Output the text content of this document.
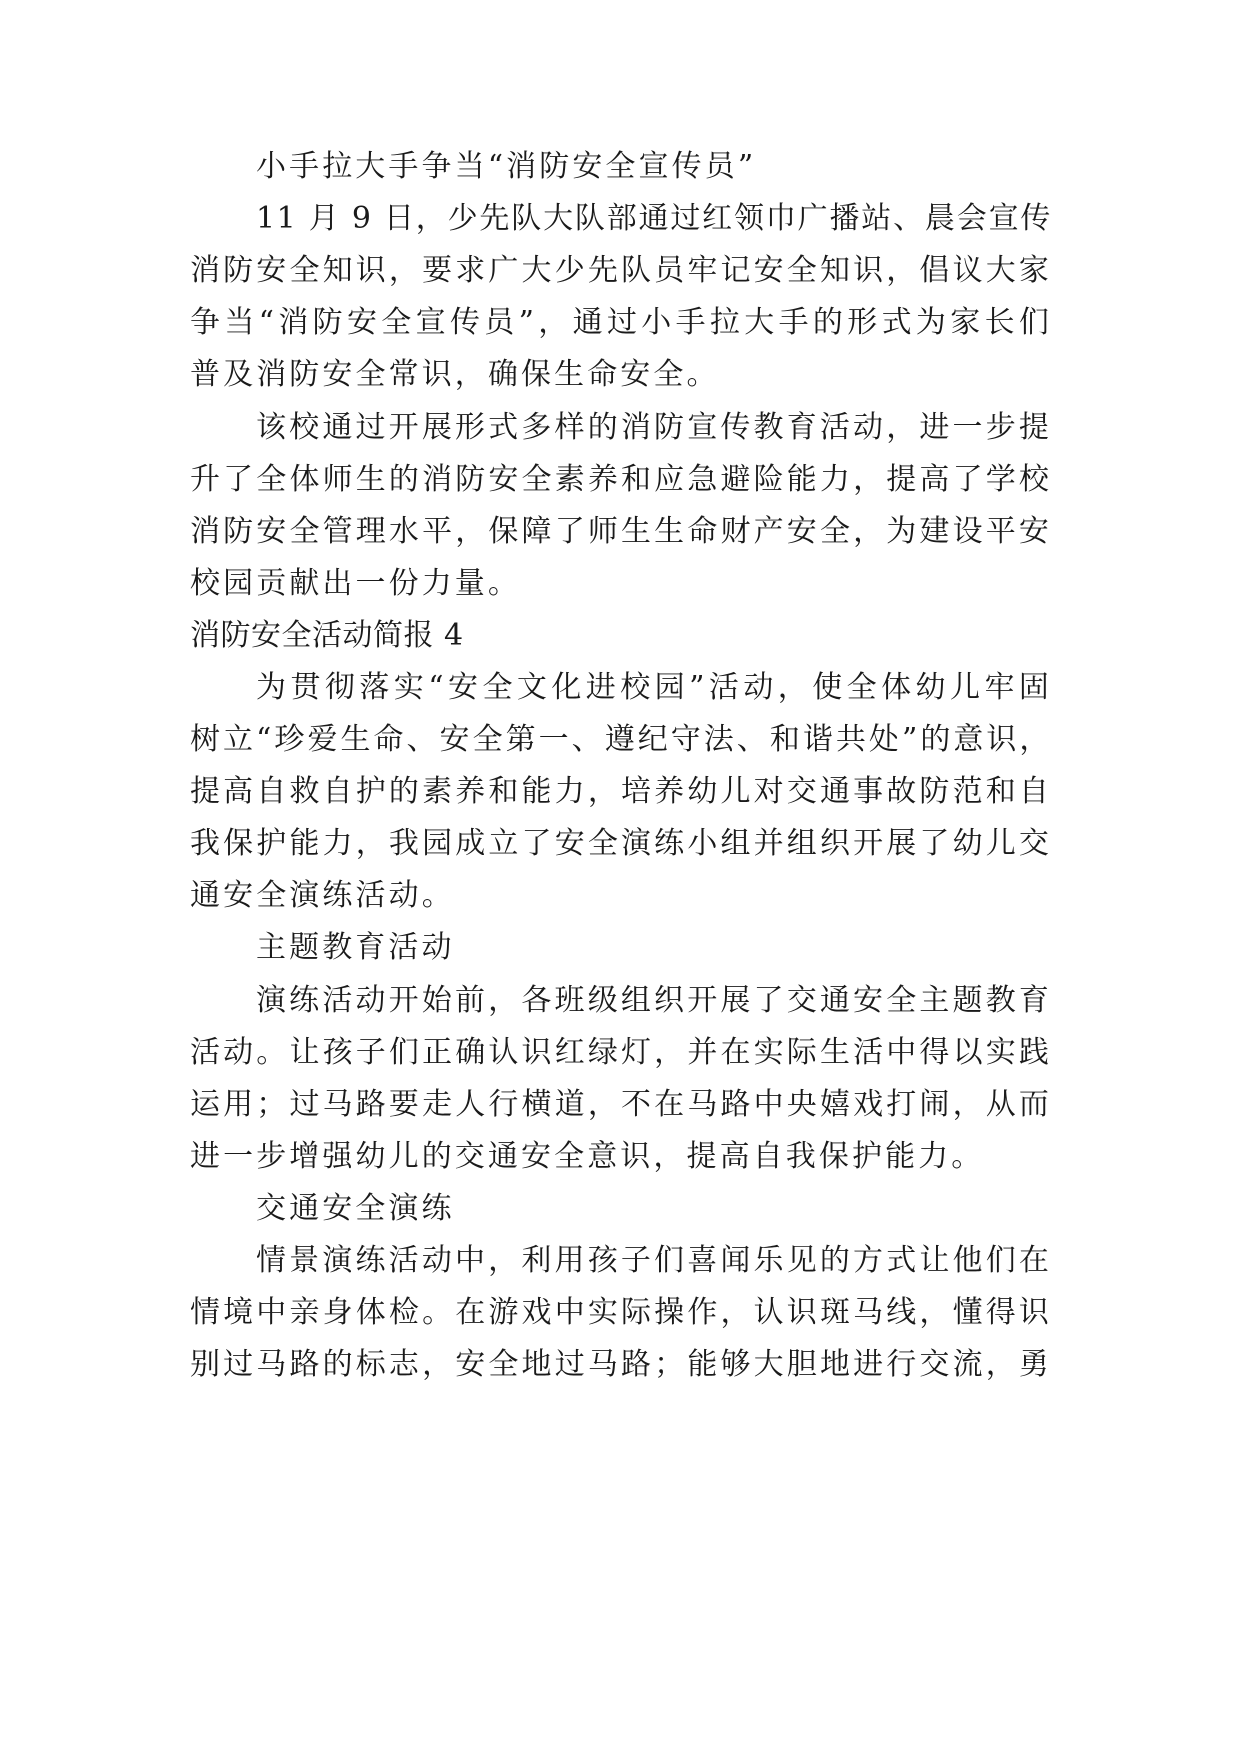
小手拉大手争当“消防安全宣传员”
11 月 9 日，少先队大队部通过红领巾广播站、晨会宣传
消防安全知识，要求广大少先队员牢记安全知识，倡议大家
争当“消防安全宣传员”，通过小手拉大手的形式为家长们
普及消防安全常识，确保生命安全。
该校通过开展形式多样的消防宣传教育活动，进一步提
升了全体师生的消防安全素养和应急避险能力，提高了学校
消防安全管理水平，保障了师生生命财产安全，为建设平安
校园贡献出一份力量。
消防安全活动简报 4
为贯彻落实“安全文化进校园”活动，使全体幼儿牢固
树立“珍爱生命、安全第一、遵纪守法、和谐共处”的意识，
提高自救自护的素养和能力，培养幼儿对交通事故防范和自
我保护能力，我园成立了安全演练小组并组织开展了幼儿交
通安全演练活动。
主题教育活动
演练活动开始前，各班级组织开展了交通安全主题教育
活动。让孩子们正确认识红绿灯，并在实际生活中得以实践
运用；过马路要走人行横道，不在马路中央嬉戏打闹，从而
进一步增强幼儿的交通安全意识，提高自我保护能力。
交通安全演练
情景演练活动中，利用孩子们喜闻乐见的方式让他们在
情境中亲身体检。在游戏中实际操作，认识斑马线，懂得识
别过马路的标志，安全地过马路；能够大胆地进行交流，勇
